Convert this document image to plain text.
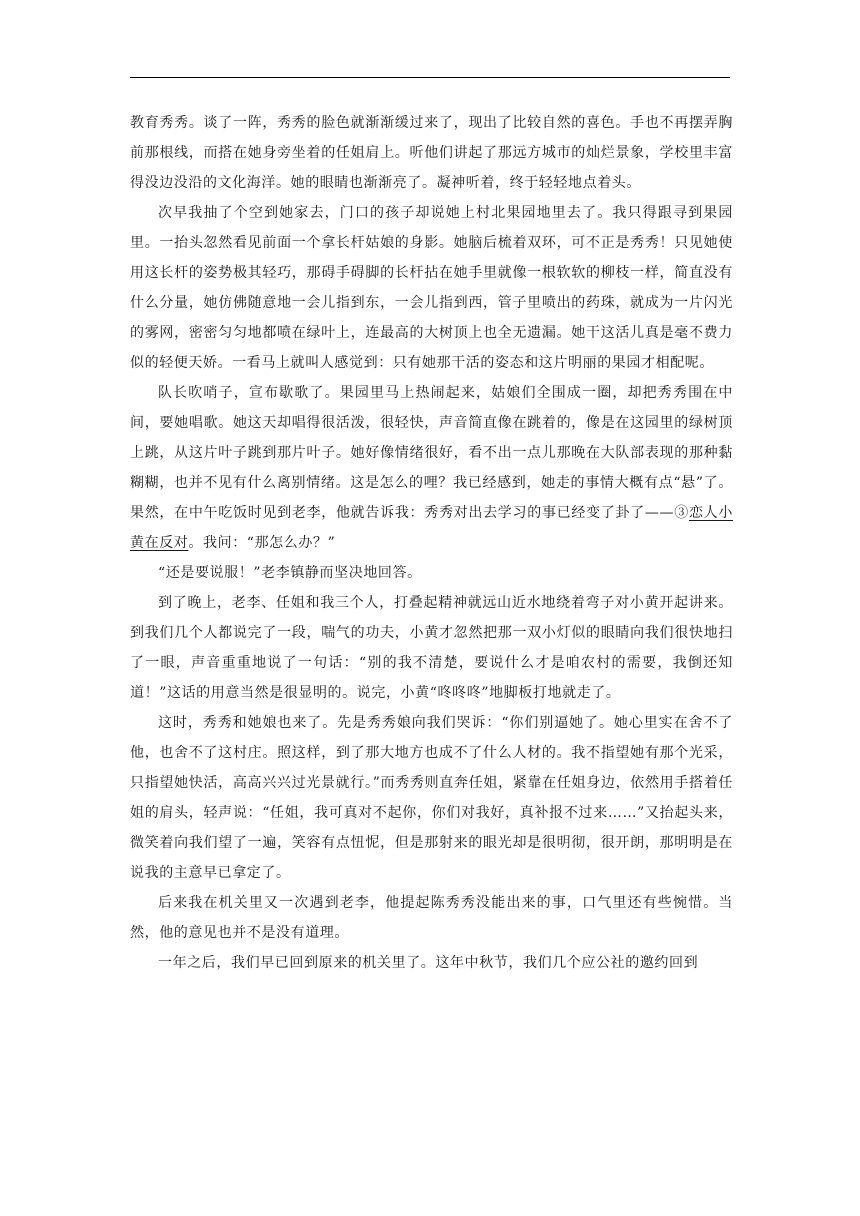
教育秀秀。谈了一阵，秀秀的脸色就渐渐缓过来了，现出了比较自然的喜色。手也不再摆弄胸前那根线，而搭在她身旁坐着的任姐肩上。听他们讲起了那远方城市的灿烂景象，学校里丰富得没边没沿的文化海洋。她的眼睛也渐渐亮了。凝神听着，终于轻轻地点着头。

次早我抽了个空到她家去，门口的孩子却说她上村北果园地里去了。我只得跟寻到果园里。一抬头忽然看见前面一个拿长杆姑娘的身影。她脑后梳着双环，可不正是秀秀！只见她使用这长杆的姿势极其轻巧，那碍手碍脚的长杆拈在她手里就像一根软软的柳枝一样，简直没有什么分量，她仿佛随意地一会儿指到东，一会儿指到西，管子里喷出的药珠，就成为一片闪光的雾网，密密匀匀地都喷在绿叶上，连最高的大树顶上也全无遗漏。她干这活儿真是毫不费力似的轻便天娇。一看马上就叫人感觉到：只有她那干活的姿态和这片明丽的果园才相配呢。

队长吹哨子，宣布歇歌了。果园里马上热闹起来，姑娘们全围成一圈，却把秀秀围在中间，要她唱歌。她这天却唱得很活泼，很轻快，声音简直像在跳着的，像是在这园里的绿树顶上跳，从这片叶子跳到那片叶子。她好像情绪很好，看不出一点儿那晚在大队部表现的那种黏糊糊，也并不见有什么离别情绪。这是怎么的哩？我已经感到，她走的事情大概有点“悬”了。果然，在中午吃饭时见到老李，他就告诉我：秀秀对出去学习的事已经变了卦了——③恋人小黄在反对。我问：“那怎么办？”

“还是要说服！”老李镇静而坚决地回答。

到了晚上，老李、任姐和我三个人，打叠起精神就远山近水地绕着弯子对小黄开起讲来。到我们几个人都说完了一段，喘气的功夫，小黄才忽然把那一双小灯似的眼睛向我们很快地扫了一眼，声音重重地说了一句话：“别的我不清楚，要说什么才是咱农村的需要，我倒还知道！”这话的用意当然是很显明的。说完，小黄“咚咚咚”地脚板打地就走了。

这时，秀秀和她娘也来了。先是秀秀娘向我们哭诉：“你们别逼她了。她心里实在舍不了他，也舍不了这村庄。照这样，到了那大地方也成不了什么人材的。我不指望她有那个光采，只指望她快活，高高兴兴过光景就行。”而秀秀则直奔任姐，紧靠在任姐身边，依然用手搭着任姐的肩头，轻声说：“任姐，我可真对不起你，你们对我好，真补报不过来……”又抬起头来，微笑着向我们望了一遍，笑容有点忸怩，但是那射来的眼光却是很明彻，很开朗，那明明是在说我的主意早已拿定了。

后来我在机关里又一次遇到老李，他提起陈秀秀没能出来的事，口气里还有些惋惜。当然，他的意见也并不是没有道理。

一年之后，我们早已回到原来的机关里了。这年中秋节，我们几个应公社的邀约回到
